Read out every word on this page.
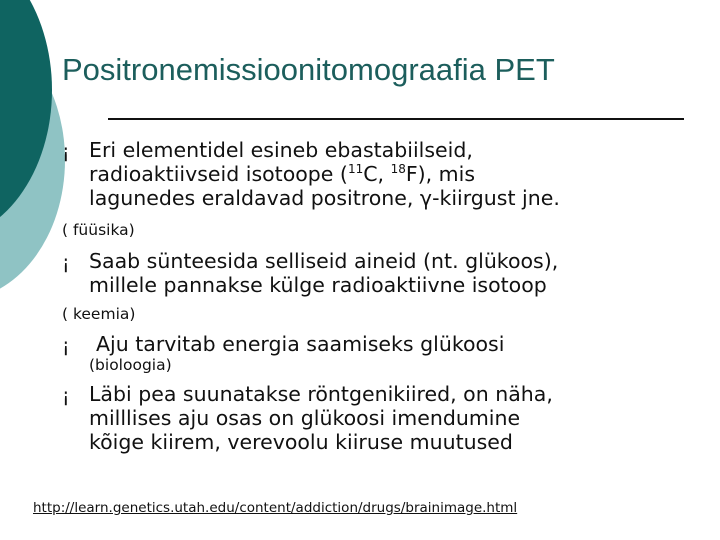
Positronemissioonitomograafia PET
¡ Eri elementidel esineb ebastabiilseid,
radioaktiivseid isotoope ($^{11}$C, $^{18}$F), mis
lagunedes eraldavad positrone, γ-kiirgust jne.
( füüsika)
¡ Saab sünteesida selliseid aineid (nt. glükoos),
millele pannakse külge radioaktiivne isotoop
( keemia)
¡ Aju tarvitab energia saamiseks glükoosi
(bioloogia)
¡ Läbi pea suunatakse röntgenikiired, on näha,
milllises aju osas on glükoosi imendumine
kõige kiirem, verevoolu kiiruse muutused
http://learn.genetics.utah.edu/content/addiction/drugs/brainimage.html
